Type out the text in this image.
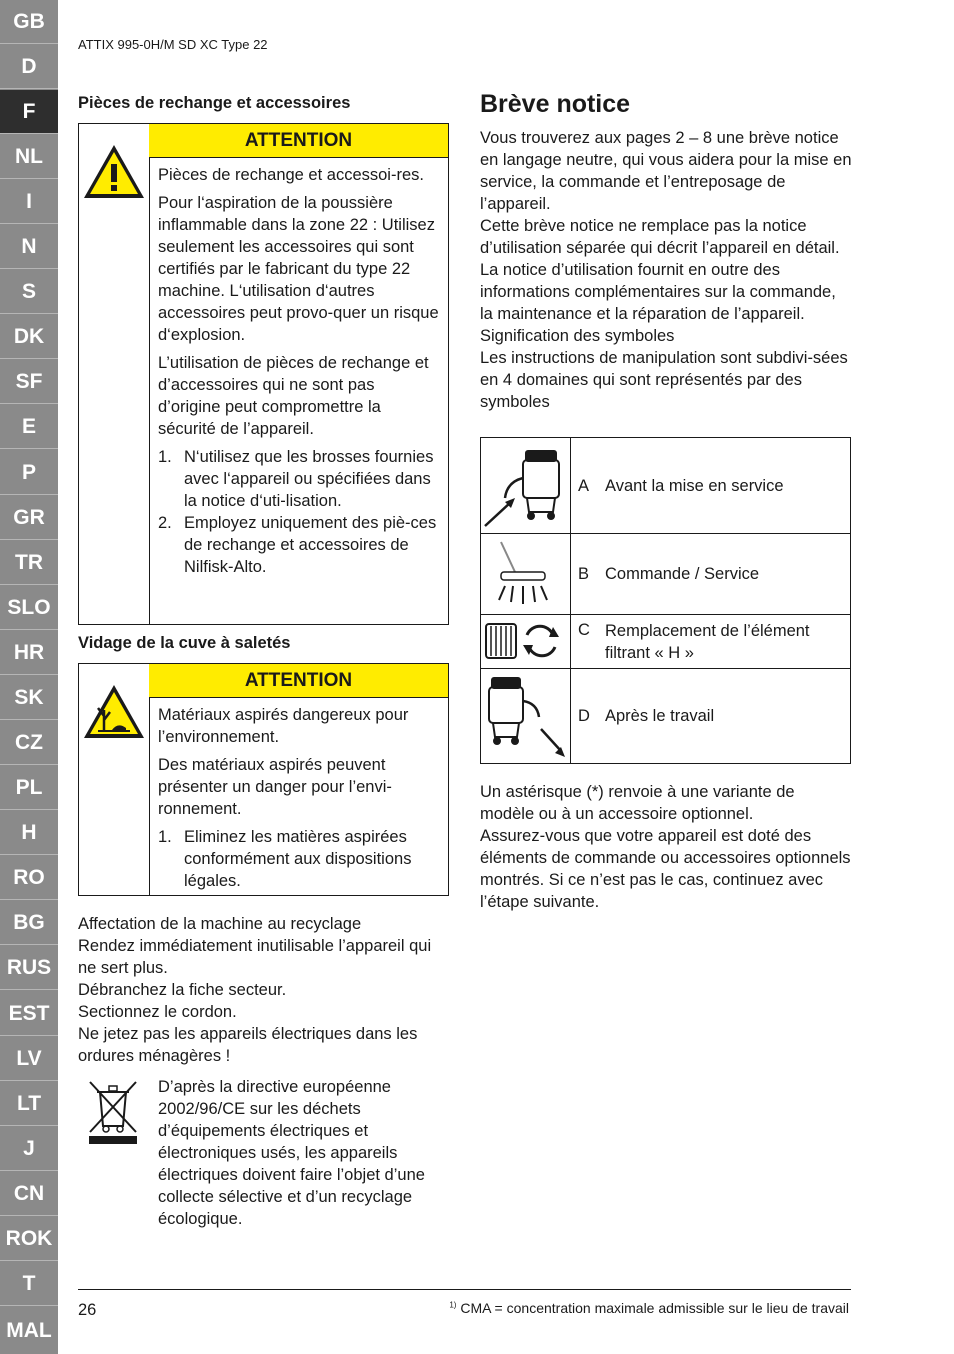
GB
D
F
NL
I
N
S
DK
SF
E
P
GR
TR
SLO
HR
SK
CZ
PL
H
RO
BG
RUS
EST
LV
LT
J
CN
ROK
T
MAL
ATTIX 995-0H/M SD XC Type 22
Pièces de rechange et accessoires
ATTENTION

Pièces de rechange et accessoi-res.

Pour l‘aspiration de la poussière inflammable dans la zone 22 : Utilisez seulement les accessoires qui sont certifiés par le fabricant du type 22 machine. L‘utilisation d‘autres accessoires peut provo-quer un risque d‘explosion.

L’utilisation de pièces de rechange et d’accessoires qui ne sont pas d’origine peut compromettre la sécurité de l’appareil.

1. N‘utilisez que les brosses fournies avec l‘appareil ou spécifiées dans la notice d‘uti-lisation.
2. Employez uniquement des piè-ces de rechange et accessoires de Nilfisk-Alto.
Vidage de la cuve à saletés
ATTENTION

Matériaux aspirés dangereux pour l’environnement.

Des matériaux aspirés peuvent présenter un danger pour l’envi-ronnement.

1. Eliminez les matières aspirées conformément aux dispositions légales.
Affectation de la machine au recyclage
Rendez immédiatement inutilisable l’appareil qui ne sert plus.
Débranchez la fiche secteur.
Sectionnez le cordon.
Ne jetez pas les appareils électriques dans les ordures ménagères !
D’après la directive européenne 2002/96/CE sur les déchets d’équipements électriques et électroniques usés, les appareils électriques doivent faire l’objet d’une collecte sélective et d’un recyclage écologique.
Brève notice
Vous trouverez aux pages 2 – 8 une brève notice en langage neutre, qui vous aidera pour la mise en service, la commande et l’entreposage de l’appareil.
Cette brève notice ne remplace pas la notice d’utilisation séparée qui décrit l’appareil en détail. La notice d’utilisation fournit en outre des informations complémentaires sur la commande, la maintenance et la réparation de l’appareil.
Signification des symboles
Les instructions de manipulation sont subdivi-sées en 4 domaines qui sont représentés par des symboles
A Avant la mise en service
B Commande / Service
C Remplacement de l’élément filtrant « H »
D Après le travail
Un astérisque (*) renvoie à une variante de modèle ou à un accessoire optionnel.
Assurez-vous que votre appareil est doté des éléments de commande ou accessoires optionnels montrés. Si ce n’est pas le cas, continuez avec l’étape suivante.
26	$^{1)}$ CMA = concentration maximale admissible sur le lieu de travail
